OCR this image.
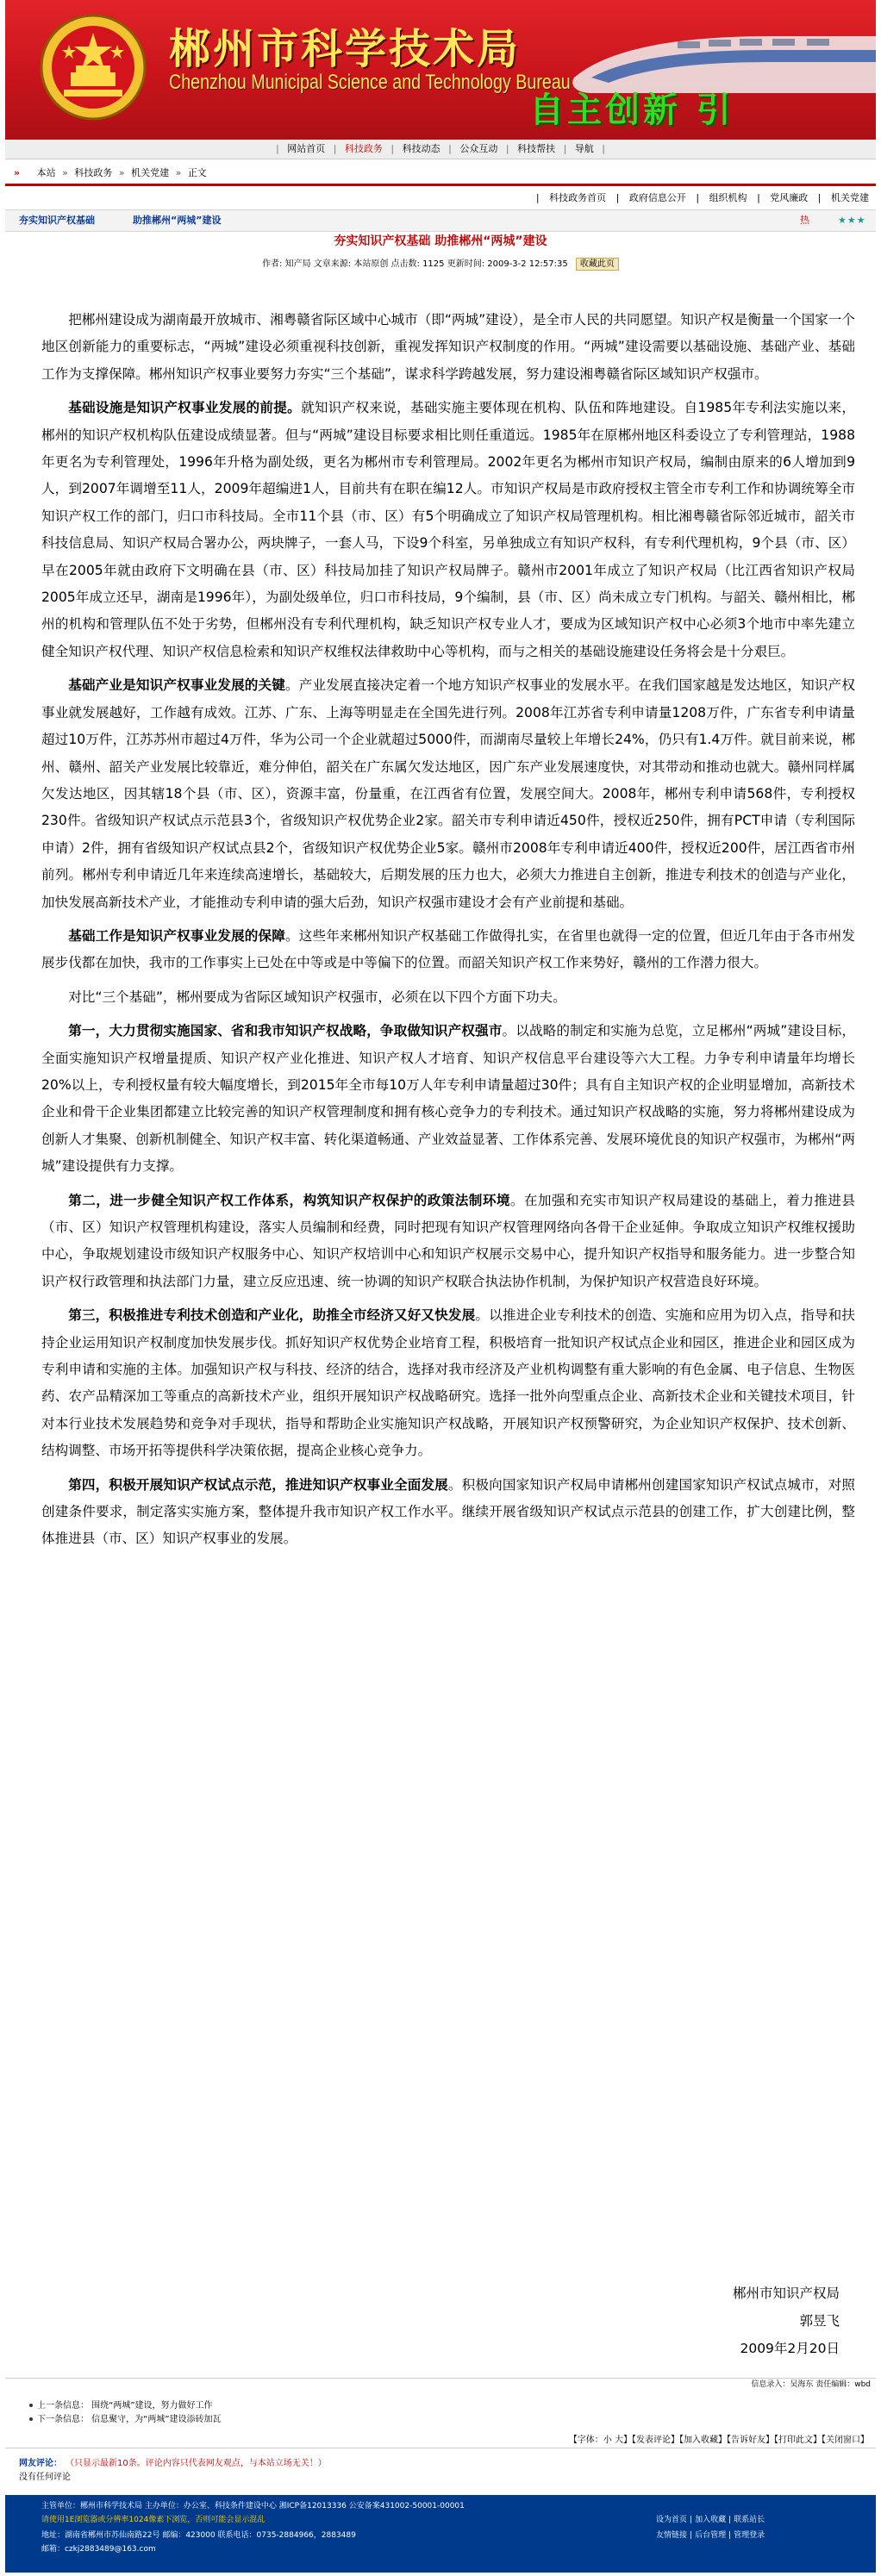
郴州市科学技术局
Chenzhou Municipal Science and Technology Bureau
自主创新 引
| 网站首页 | 科技政务 | 科技动态 | 公众互动 | 科技帮扶 | 导航 |
» 本站 » 科技政务 » 机关党建 » 正文
| 科技政务首页 | 政府信息公开 | 组织机构 | 党风廉政 | 机关党建
夯实知识产权基础	助推郴州“两城”建设	热	★★★
夯实知识产权基础 助推郴州“两城”建设
作者: 知产局 文章来源: 本站原创 点击数: 1125 更新时间: 2009-3-2 12:57:35 收藏此页

把郴州建设成为湖南最开放城市、湘粤赣省际区域中心城市（即“两城”建设），是全市人民的共同愿望。知识产权是衡量一个国家一个地区创新能力的重要标志，“两城”建设必须重视科技创新，重视发挥知识产权制度的作用。“两城”建设需要以基础设施、基础产业、基础工作为支撑保障。郴州知识产权事业要努力夯实“三个基础”，谋求科学跨越发展，努力建设湘粤赣省际区域知识产权强市。

基础设施是知识产权事业发展的前提。就知识产权来说，基础实施主要体现在机构、队伍和阵地建设。自1985年专利法实施以来，郴州的知识产权机构队伍建设成绩显著。但与“两城”建设目标要求相比则任重道远。1985年在原郴州地区科委设立了专利管理站，1988年更名为专利管理处，1996年升格为副处级，更名为郴州市专利管理局。2002年更名为郴州市知识产权局，编制由原来的6人增加到9人，到2007年调增至11人，2009年超编进1人，目前共有在职在编12人。市知识产权局是市政府授权主管全市专利工作和协调统筹全市知识产权工作的部门，归口市科技局。全市11个县（市、区）有5个明确成立了知识产权局管理机构。相比湘粤赣省际邻近城市，韶关市科技信息局、知识产权局合署办公，两块牌子，一套人马，下设9个科室，另单独成立有知识产权科，有专利代理机构，9个县（市、区）早在2005年就由政府下文明确在县（市、区）科技局加挂了知识产权局牌子。赣州市2001年成立了知识产权局（比江西省知识产权局2005年成立还早，湖南是1996年），为副处级单位，归口市科技局，9个编制，县（市、区）尚未成立专门机构。与韶关、赣州相比，郴州的机构和管理队伍不处于劣势，但郴州没有专利代理机构，缺乏知识产权专业人才，要成为区域知识产权中心必须3个地市中率先建立健全知识产权代理、知识产权信息检索和知识产权维权法律救助中心等机构，而与之相关的基础设施建设任务将会是十分艰巨。

基础产业是知识产权事业发展的关键。产业发展直接决定着一个地方知识产权事业的发展水平。在我们国家越是发达地区，知识产权事业就发展越好，工作越有成效。江苏、广东、上海等明显走在全国先进行列。2008年江苏省专利申请量1208万件，广东省专利申请量超过10万件，江苏苏州市超过4万件，华为公司一个企业就超过5000件，而湖南尽量较上年增长24%，仍只有1.4万件。就目前来说，郴州、赣州、韶关产业发展比较靠近，难分伸伯，韶关在广东属欠发达地区，因广东产业发展速度快，对其带动和推动也就大。赣州同样属欠发达地区，因其辖18个县（市、区），资源丰富，份量重，在江西省有位置，发展空间大。2008年，郴州专利申请568件，专利授权230件。省级知识产权试点示范县3个，省级知识产权优势企业2家。韶关市专利申请近450件，授权近250件，拥有PCT申请（专利国际申请）2件，拥有省级知识产权试点县2个，省级知识产权优势企业5家。赣州市2008年专利申请近400件，授权近200件，居江西省市州前列。郴州专利申请近几年来连续高速增长，基础较大，后期发展的压力也大，必须大力推进自主创新，推进专利技术的创造与产业化，加快发展高新技术产业，才能推动专利申请的强大后劲，知识产权强市建设才会有产业前提和基础。

基础工作是知识产权事业发展的保障。这些年来郴州知识产权基础工作做得扎实，在省里也就得一定的位置，但近几年由于各市州发展步伐都在加快，我市的工作事实上已处在中等或是中等偏下的位置。而韶关知识产权工作来势好，赣州的工作潜力很大。

对比“三个基础”，郴州要成为省际区域知识产权强市，必须在以下四个方面下功夫。

第一，大力贯彻实施国家、省和我市知识产权战略，争取做知识产权强市。以战略的制定和实施为总览，立足郴州“两城”建设目标，全面实施知识产权增量提质、知识产权产业化推进、知识产权人才培育、知识产权信息平台建设等六大工程。力争专利申请量年均增长20%以上，专利授权量有较大幅度增长，到2015年全市每10万人年专利申请量超过30件；具有自主知识产权的企业明显增加，高新技术企业和骨干企业集团都建立比较完善的知识产权管理制度和拥有核心竞争力的专利技术。通过知识产权战略的实施，努力将郴州建设成为创新人才集聚、创新机制健全、知识产权丰富、转化渠道畅通、产业效益显著、工作体系完善、发展环境优良的知识产权强市，为郴州“两城”建设提供有力支撑。

第二，进一步健全知识产权工作体系，构筑知识产权保护的政策法制环境。在加强和充实市知识产权局建设的基础上，着力推进县（市、区）知识产权管理机构建设，落实人员编制和经费，同时把现有知识产权管理网络向各骨干企业延伸。争取成立知识产权维权援助中心，争取规划建设市级知识产权服务中心、知识产权培训中心和知识产权展示交易中心，提升知识产权指导和服务能力。进一步整合知识产权行政管理和执法部门力量，建立反应迅速、统一协调的知识产权联合执法协作机制，为保护知识产权营造良好环境。

第三，积极推进专利技术创造和产业化，助推全市经济又好又快发展。以推进企业专利技术的创造、实施和应用为切入点，指导和扶持企业运用知识产权制度加快发展步伐。抓好知识产权优势企业培育工程，积极培育一批知识产权试点企业和园区，推进企业和园区成为专利申请和实施的主体。加强知识产权与科技、经济的结合，选择对我市经济及产业机构调整有重大影响的有色金属、电子信息、生物医药、农产品精深加工等重点的高新技术产业，组织开展知识产权战略研究。选择一批外向型重点企业、高新技术企业和关键技术项目，针对本行业技术发展趋势和竞争对手现状，指导和帮助企业实施知识产权战略，开展知识产权预警研究，为企业知识产权保护、技术创新、结构调整、市场开拓等提供科学决策依据，提高企业核心竞争力。

第四，积极开展知识产权试点示范，推进知识产权事业全面发展。积极向国家知识产权局申请郴州创建国家知识产权试点城市，对照创建条件要求，制定落实实施方案，整体提升我市知识产权工作水平。继续开展省级知识产权试点示范县的创建工作，扩大创建比例，整体推进县（市、区）知识产权事业的发展。

郴州市知识产权局
郭昱飞
2009年2月20日
信息录入：吴海东 责任编辑：wbd
上一条信息： 围绕“两城”建设，努力做好工作
下一条信息： 信息聚守，为“两城”建设添砖加瓦
【字体：小 大】【发表评论】【加入收藏】【告诉好友】【打印此文】【关闭窗口】
网友评论： （只显示最新10条。评论内容只代表网友观点，与本站立场无关！）
没有任何评论
主管单位：郴州市科学技术局 主办单位：办公室、科技条件建设中心 湘ICP备12013336 公安备案431002-50001-00001
请使用1E浏览器或分辨率1024像素下浏览，否则可能会显示混乱
地址：湖南省郴州市苏仙南路22号 邮编：423000 联系电话：0735-2884966，2883489
邮箱：czkj2883489@163.com
设为首页 | 加入收藏 | 联系站长
友情链接 | 后台管理 | 管理登录
